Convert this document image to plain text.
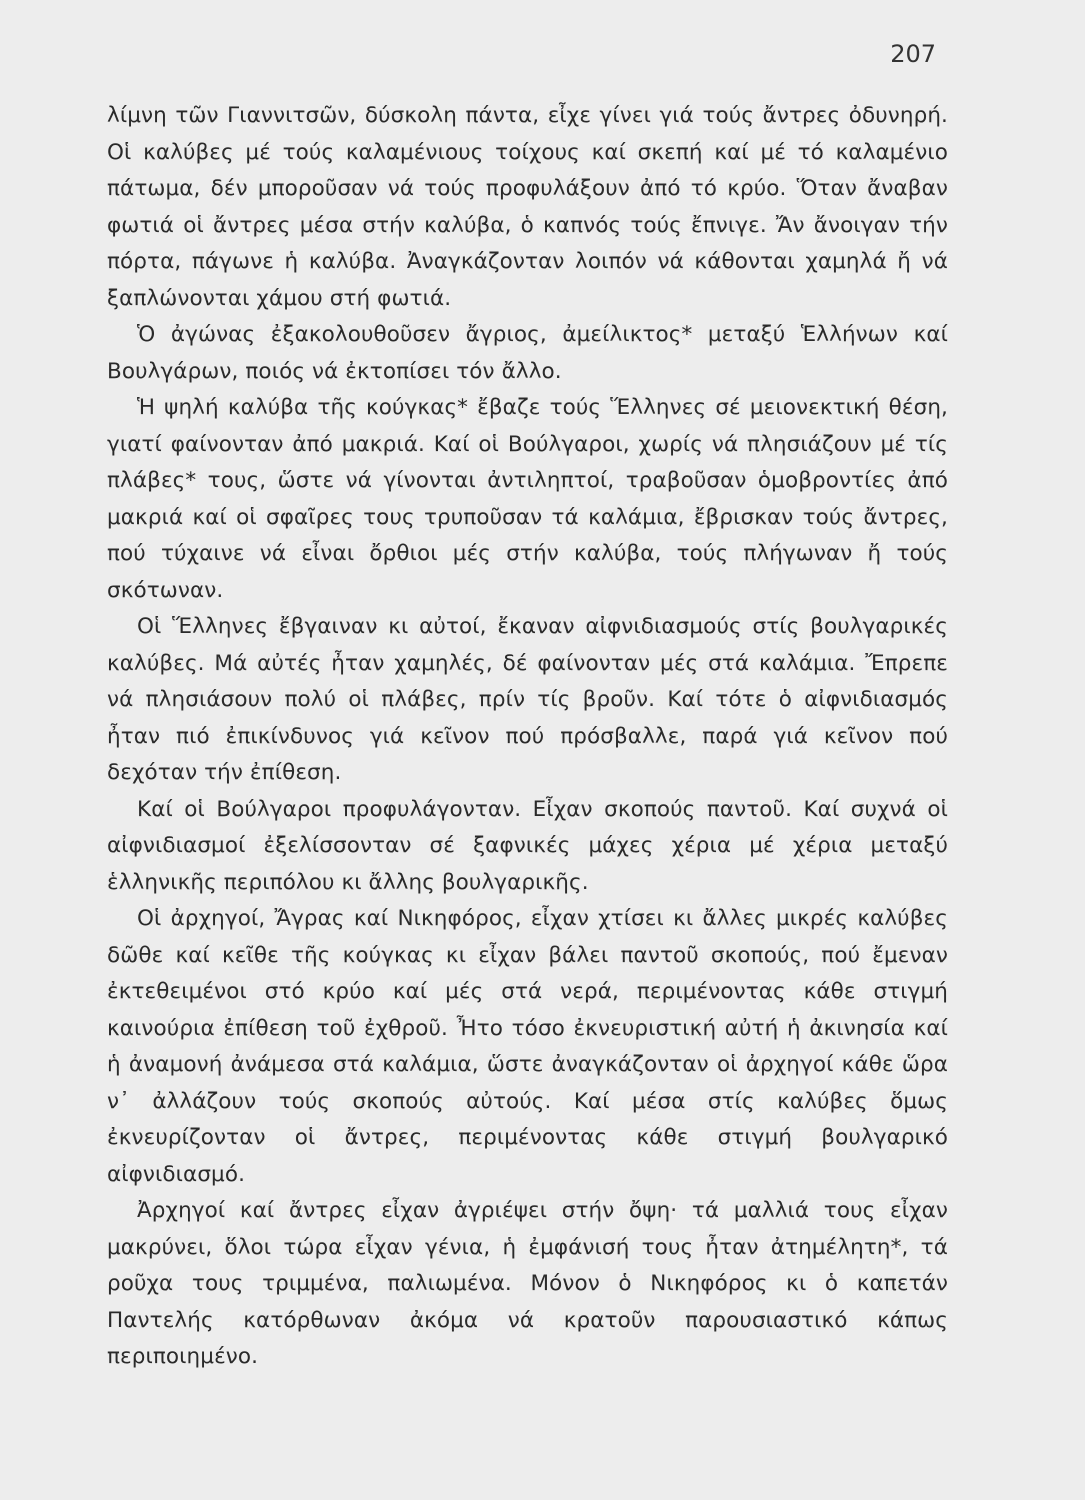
207

λίμνη τῶν Γιαννιτσῶν, δύσκολη πάντα, εἶχε γίνει γιά τούς ἄντρες ὀδυνηρή. Οἱ καλύβες μέ τούς καλαμένιους τοίχους καί σκεπή καί μέ τό καλαμένιο πάτωμα, δέν μποροῦσαν νά τούς προφυλάξουν ἀπό τό κρύο. Ὅταν ἄναβαν φωτιά οἱ ἄντρες μέσα στήν καλύβα, ὁ καπνός τούς ἔπνιγε. Ἄν ἄνοιγαν τήν πόρτα, πάγωνε ἡ καλύβα. Ἀναγκάζονταν λοιπόν νά κάθονται χαμηλά ἤ νά ξαπλώνονται χάμου στή φωτιά.

Ὁ ἀγώνας ἐξακολουθοῦσεν ἄγριος, ἀμείλικτος* μεταξύ Ἑλλήνων καί Βουλγάρων, ποιός νά ἐκτοπίσει τόν ἄλλο.

Ἡ ψηλή καλύβα τῆς κούγκας* ἔβαζε τούς Ἕλληνες σέ μειονεκτική θέση, γιατί φαίνονταν ἀπό μακριά. Καί οἱ Βούλγαροι, χωρίς νά πλησιάζουν μέ τίς πλάβες* τους, ὥστε νά γίνονται ἀντιληπτοί, τραβοῦσαν ὁμοβροντίες ἀπό μακριά καί οἱ σφαῖρες τους τρυποῦσαν τά καλάμια, ἔβρισκαν τούς ἄντρες, πού τύχαινε νά εἶναι ὄρθιοι μές στήν καλύβα, τούς πλήγωναν ἤ τούς σκότωναν.

Οἱ Ἕλληνες ἔβγαιναν κι αὐτοί, ἔκαναν αἰφνιδιασμούς στίς βουλγαρικές καλύβες. Μά αὐτές ἦταν χαμηλές, δέ φαίνονταν μές στά καλάμια. Ἔπρεπε νά πλησιάσουν πολύ οἱ πλάβες, πρίν τίς βροῦν. Καί τότε ὁ αἰφνιδιασμός ἦταν πιό ἐπικίνδυνος γιά κεῖνον πού πρόσβαλλε, παρά γιά κεῖνον πού δεχόταν τήν ἐπίθεση.

Καί οἱ Βούλγαροι προφυλάγονταν. Εἶχαν σκοπούς παντοῦ. Καί συχνά οἱ αἰφνιδιασμοί ἐξελίσσονταν σέ ξαφνικές μάχες χέρια μέ χέρια μεταξύ ἑλληνικῆς περιπόλου κι ἄλλης βουλγαρικῆς.

Οἱ ἀρχηγοί, Ἄγρας καί Νικηφόρος, εἶχαν χτίσει κι ἄλλες μικρές καλύβες δῶθε καί κεῖθε τῆς κούγκας κι εἶχαν βάλει παντοῦ σκοπούς, πού ἔμεναν ἐκτεθειμένοι στό κρύο καί μές στά νερά, περιμένοντας κάθε στιγμή καινούρια ἐπίθεση τοῦ ἐχθροῦ. Ἦτο τόσο ἐκνευριστική αὐτή ἡ ἀκινησία καί ἡ ἀναμονή ἀνάμεσα στά καλάμια, ὥστε ἀναγκάζονταν οἱ ἀρχηγοί κάθε ὥρα ν᾿ ἀλλάζουν τούς σκοπούς αὐτούς. Καί μέσα στίς καλύβες ὅμως ἐκνευρίζονταν οἱ ἄντρες, περιμένοντας κάθε στιγμή βουλγαρικό αἰφνιδιασμό.

Ἀρχηγοί καί ἄντρες εἶχαν ἀγριέψει στήν ὄψη· τά μαλλιά τους εἶχαν μακρύνει, ὅλοι τώρα εἶχαν γένια, ἡ ἐμφάνισή τους ἦταν ἀτημέλητη*, τά ροῦχα τους τριμμένα, παλιωμένα. Μόνον ὁ Νικηφόρος κι ὁ καπετάν Παντελής κατόρθωναν ἀκόμα νά κρατοῦν παρουσιαστικό κάπως περιποιημένο.
